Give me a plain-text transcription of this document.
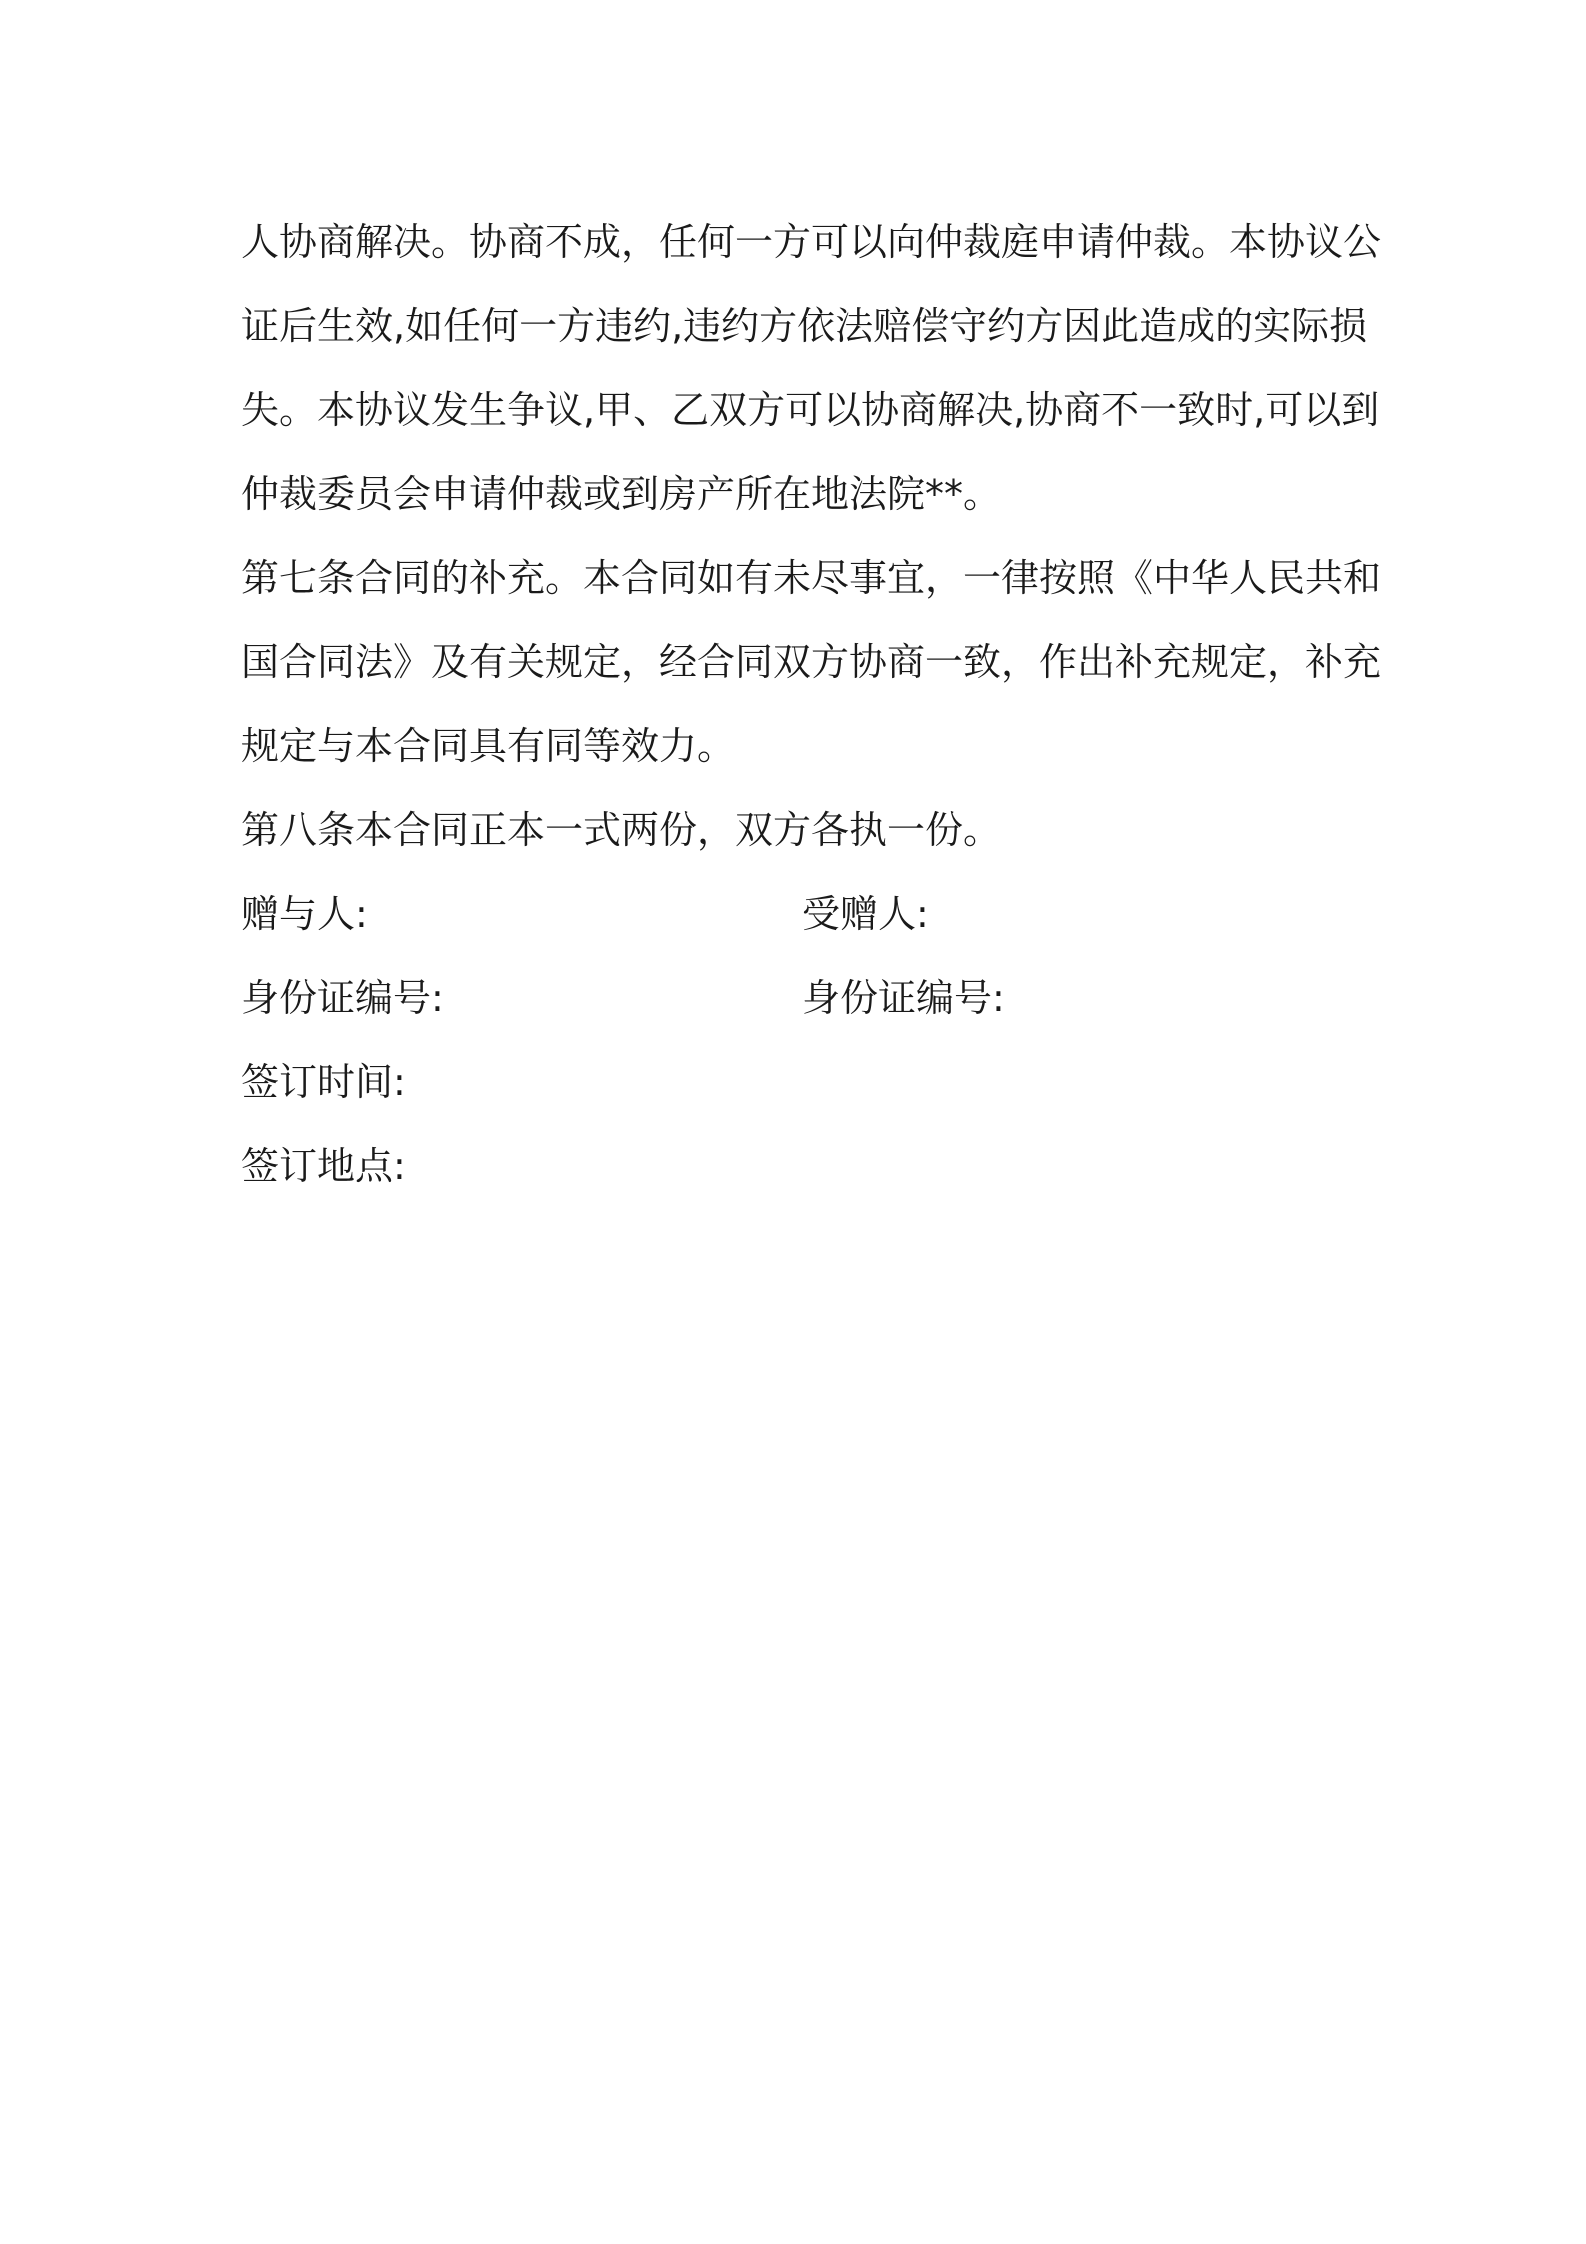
人协商解决。协商不成，任何一方可以向仲裁庭申请仲裁。本协议公
证后生效,如任何一方违约,违约方依法赔偿守约方因此造成的实际损
失。本协议发生争议,甲、乙双方可以协商解决,协商不一致时,可以到
仲裁委员会申请仲裁或到房产所在地法院**。
第七条合同的补充。本合同如有未尽事宜，一律按照《中华人民共和
国合同法》及有关规定，经合同双方协商一致，作出补充规定，补充
规定与本合同具有同等效力。
第八条本合同正本一式两份，双方各执一份。
赠与人:	受赠人:
身份证编号:	身份证编号:
签订时间:
签订地点:
